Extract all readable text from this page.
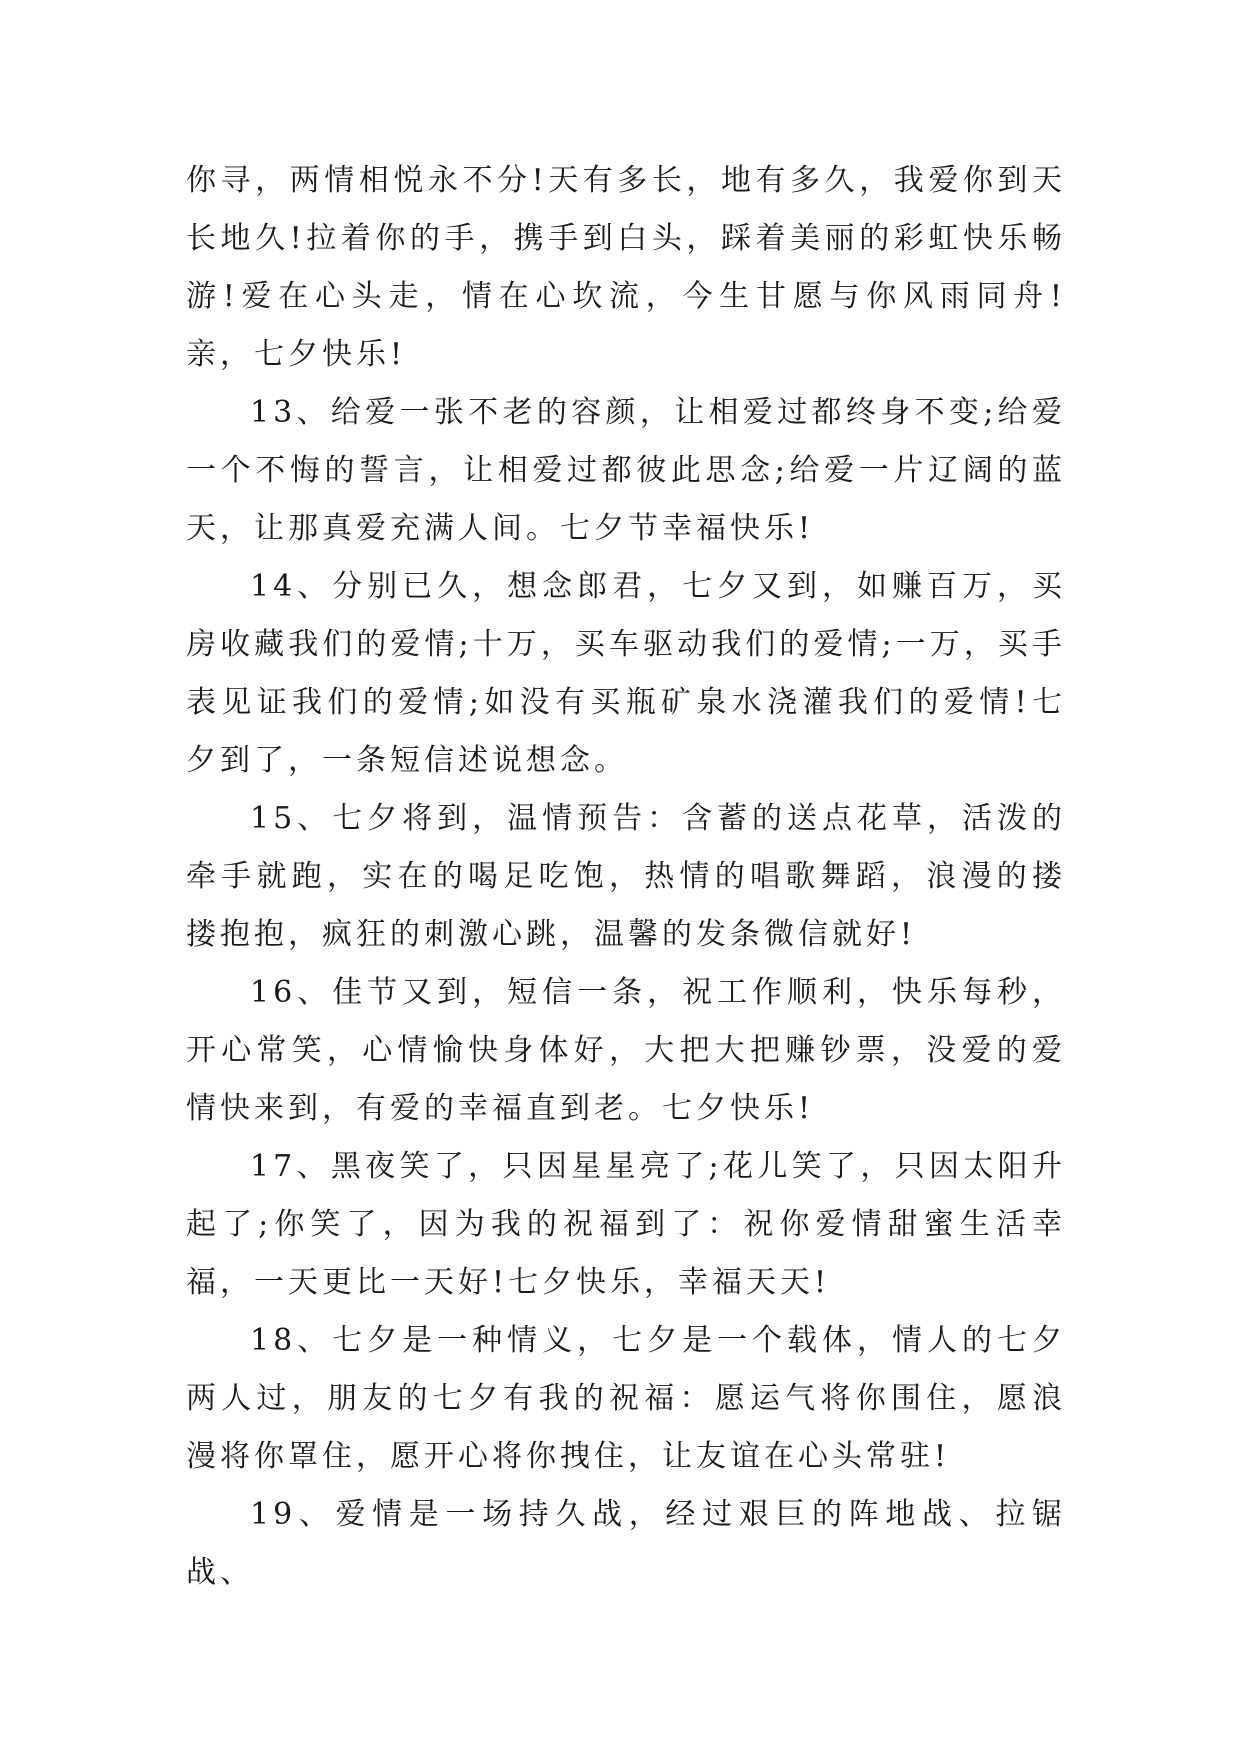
你寻，两情相悦永不分!天有多长，地有多久，我爱你到天长地久!拉着你的手，携手到白头，踩着美丽的彩虹快乐畅游!爱在心头走，情在心坎流，今生甘愿与你风雨同舟!亲，七夕快乐!

13、给爱一张不老的容颜，让相爱过都终身不变;给爱一个不悔的誓言，让相爱过都彼此思念;给爱一片辽阔的蓝天，让那真爱充满人间。七夕节幸福快乐!

14、分别已久，想念郎君，七夕又到，如赚百万，买房收藏我们的爱情;十万，买车驱动我们的爱情;一万，买手表见证我们的爱情;如没有买瓶矿泉水浇灌我们的爱情!七夕到了，一条短信述说想念。

15、七夕将到，温情预告：含蓄的送点花草，活泼的牵手就跑，实在的喝足吃饱，热情的唱歌舞蹈，浪漫的搂搂抱抱，疯狂的刺激心跳，温馨的发条微信就好!

16、佳节又到，短信一条，祝工作顺利，快乐每秒，开心常笑，心情愉快身体好，大把大把赚钞票，没爱的爱情快来到，有爱的幸福直到老。七夕快乐!

17、黑夜笑了，只因星星亮了;花儿笑了，只因太阳升起了;你笑了，因为我的祝福到了：祝你爱情甜蜜生活幸福，一天更比一天好!七夕快乐，幸福天天!

18、七夕是一种情义，七夕是一个载体，情人的七夕两人过，朋友的七夕有我的祝福：愿运气将你围住，愿浪漫将你罩住，愿开心将你拽住，让友谊在心头常驻!

19、爱情是一场持久战，经过艰巨的阵地战、拉锯战、
